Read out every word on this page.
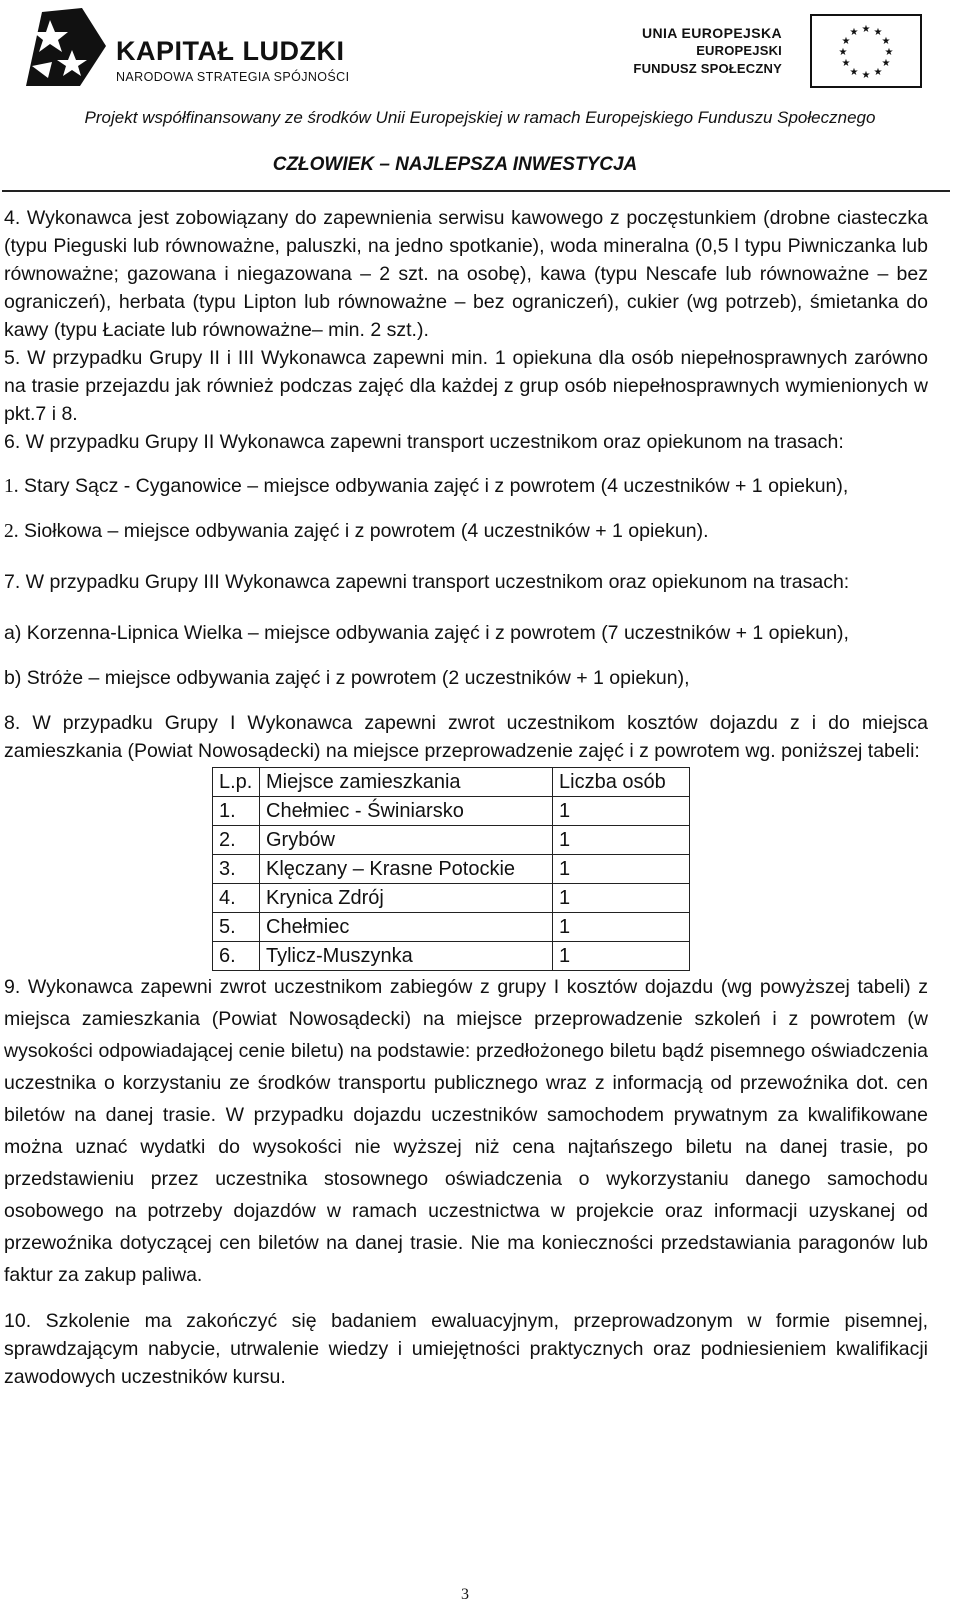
KAPITAŁ LUDZKI
NARODOWA STRATEGIA SPÓJNOŚCI
UNIA EUROPEJSKA
EUROPEJSKI
FUNDUSZ SPOŁECZNY
★ ★
★
★
★
★
★
★
★
★
★
★
Projekt współfinansowany ze środków Unii Europejskiej w ramach Europejskiego Funduszu Społecznego
CZŁOWIEK – NAJLEPSZA INWESTYCJA

4. Wykonawca jest zobowiązany do zapewnienia serwisu kawowego z poczęstunkiem (drobne ciasteczka (typu Pieguski lub równoważne, paluszki, na jedno spotkanie), woda mineralna (0,5 l typu Piwniczanka lub równoważne; gazowana i niegazowana – 2 szt. na osobę), kawa (typu Nescafe lub równoważne – bez ograniczeń), herbata (typu Lipton lub równoważne – bez ograniczeń), cukier (wg potrzeb), śmietanka do kawy (typu Łaciate lub równoważne– min. 2 szt.).

5. W przypadku Grupy II i III Wykonawca zapewni min. 1 opiekuna dla osób niepełnosprawnych zarówno na trasie przejazdu jak również podczas zajęć dla każdej z grup osób niepełnosprawnych wymienionych w pkt.7 i 8.

6. W przypadku Grupy II Wykonawca zapewni transport uczestnikom oraz opiekunom na trasach:

1. Stary Sącz - Cyganowice – miejsce odbywania zajęć i z powrotem (4 uczestników + 1 opiekun),

2. Siołkowa – miejsce odbywania zajęć i z powrotem (4 uczestników + 1 opiekun).

7. W przypadku Grupy III Wykonawca zapewni transport uczestnikom oraz opiekunom na trasach:

a) Korzenna-Lipnica Wielka – miejsce odbywania zajęć i z powrotem (7 uczestników + 1 opiekun),

b) Stróże – miejsce odbywania zajęć i z powrotem (2 uczestników + 1 opiekun),

8. W przypadku Grupy I Wykonawca zapewni zwrot uczestnikom kosztów dojazdu z i do miejsca zamieszkania (Powiat Nowosądecki) na miejsce przeprowadzenie zajęć i z powrotem wg. poniższej tabeli:

L.p.	Miejsce zamieszkania	Liczba osób
1.	Chełmiec - Świniarsko	1
2.	Grybów	1
3.	Klęczany – Krasne Potockie	1
4.	Krynica Zdrój	1
5.	Chełmiec	1
6.	Tylicz-Muszynka	1

9. Wykonawca zapewni zwrot uczestnikom zabiegów z grupy I kosztów dojazdu (wg powyższej tabeli) z miejsca zamieszkania (Powiat Nowosądecki) na miejsce przeprowadzenie szkoleń i z powrotem (w wysokości odpowiadającej cenie biletu) na podstawie: przedłożonego biletu bądź pisemnego oświadczenia uczestnika o korzystaniu ze środków transportu publicznego wraz z informacją od przewoźnika dot. cen biletów na danej trasie. W przypadku dojazdu uczestników samochodem prywatnym za kwalifikowane można uznać wydatki do wysokości nie wyższej niż cena najtańszego biletu na danej trasie, po przedstawieniu przez uczestnika stosownego oświadczenia o wykorzystaniu danego samochodu osobowego na potrzeby dojazdów w ramach uczestnictwa w projekcie oraz informacji uzyskanej od przewoźnika dotyczącej cen biletów na danej trasie. Nie ma konieczności przedstawiania paragonów lub faktur za zakup paliwa.

10. Szkolenie ma zakończyć się badaniem ewaluacyjnym, przeprowadzonym w formie pisemnej, sprawdzającym nabycie, utrwalenie wiedzy i umiejętności praktycznych oraz podniesieniem kwalifikacji zawodowych uczestników kursu.

3
